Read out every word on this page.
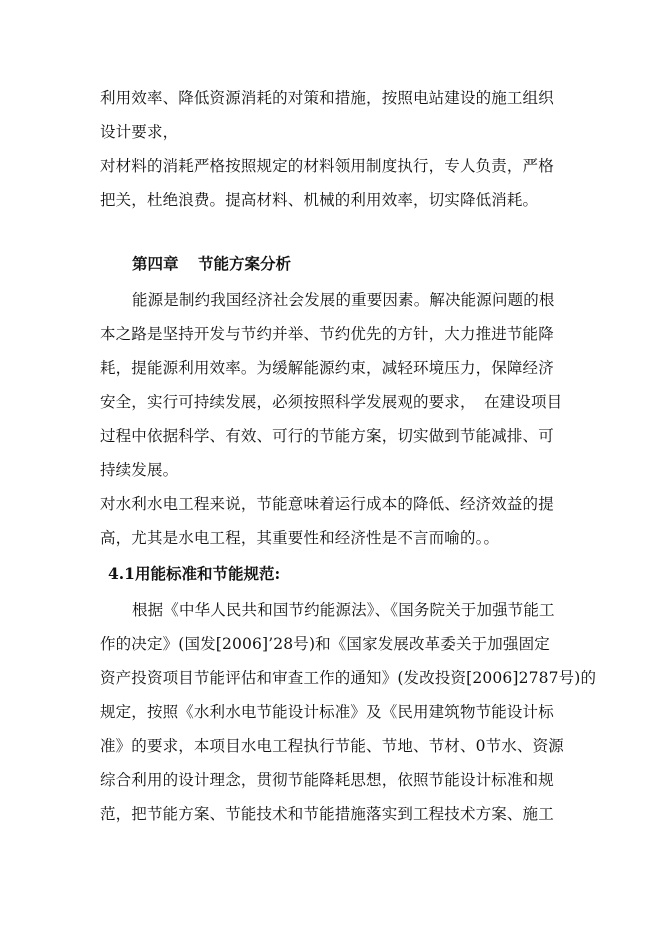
利用效率、降低资源消耗的对策和措施，按照电站建设的施工组织
设计要求，
对材料的消耗严格按照规定的材料领用制度执行，专人负责，严格
把关，杜绝浪费。提高材料、机械的利用效率，切实降低消耗。
第四章 节能方案分析
能源是制约我国经济社会发展的重要因素。解决能源问题的根
本之路是坚持开发与节约并举、节约优先的方针，大力推进节能降
耗，提能源利用效率。为缓解能源约束，减轻环境压力，保障经济
安全，实行可持续发展，必须按照科学发展观的要求， 在建设项目
过程中依据科学、有效、可行的节能方案，切实做到节能减排、可
持续发展。
对水利水电工程来说，节能意味着运行成本的降低、经济效益的提
高，尤其是水电工程，其重要性和经济性是不言而喻的。。
4.1用能标准和节能规范:
根据《中华人民共和国节约能源法》、《国务院关于加强节能工
作的决定》(国发[2006]’28号)和《国家发展改革委关于加强固定
资产投资项目节能评估和审查工作的通知》(发改投资[2006]2787号)的
规定，按照《水利水电节能设计标准》及《民用建筑物节能设计标
准》的要求，本项目水电工程执行节能、节地、节材、0节水、资源
综合利用的设计理念，贯彻节能降耗思想，依照节能设计标准和规
范，把节能方案、节能技术和节能措施落实到工程技术方案、施工
